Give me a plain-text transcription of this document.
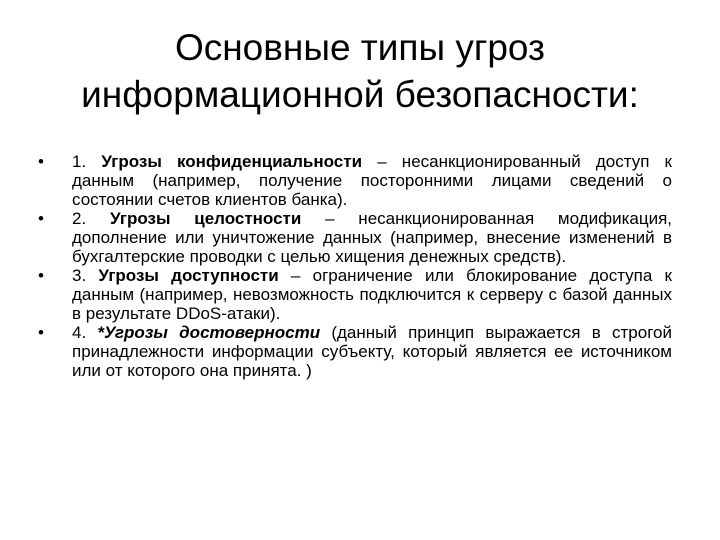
Основные типы угроз
информационной безопасности:
•	1. Угрозы конфиденциальности – несанкционированный доступ к данным (например, получение посторонними лицами сведений о состоянии счетов клиентов банка).
•	2. Угрозы целостности – несанкционированная модификация, дополнение или уничтожение данных (например, внесение изменений в бухгалтерские проводки с целью хищения денежных средств).
•	3. Угрозы доступности – ограничение или блокирование доступа к данным (например, невозможность подключится к серверу с базой данных в результате DDoS-атаки).
•	4. *Угрозы достоверности (данный принцип выражается в строгой принадлежности информации субъекту, который является ее источником или от которого она принята. )
